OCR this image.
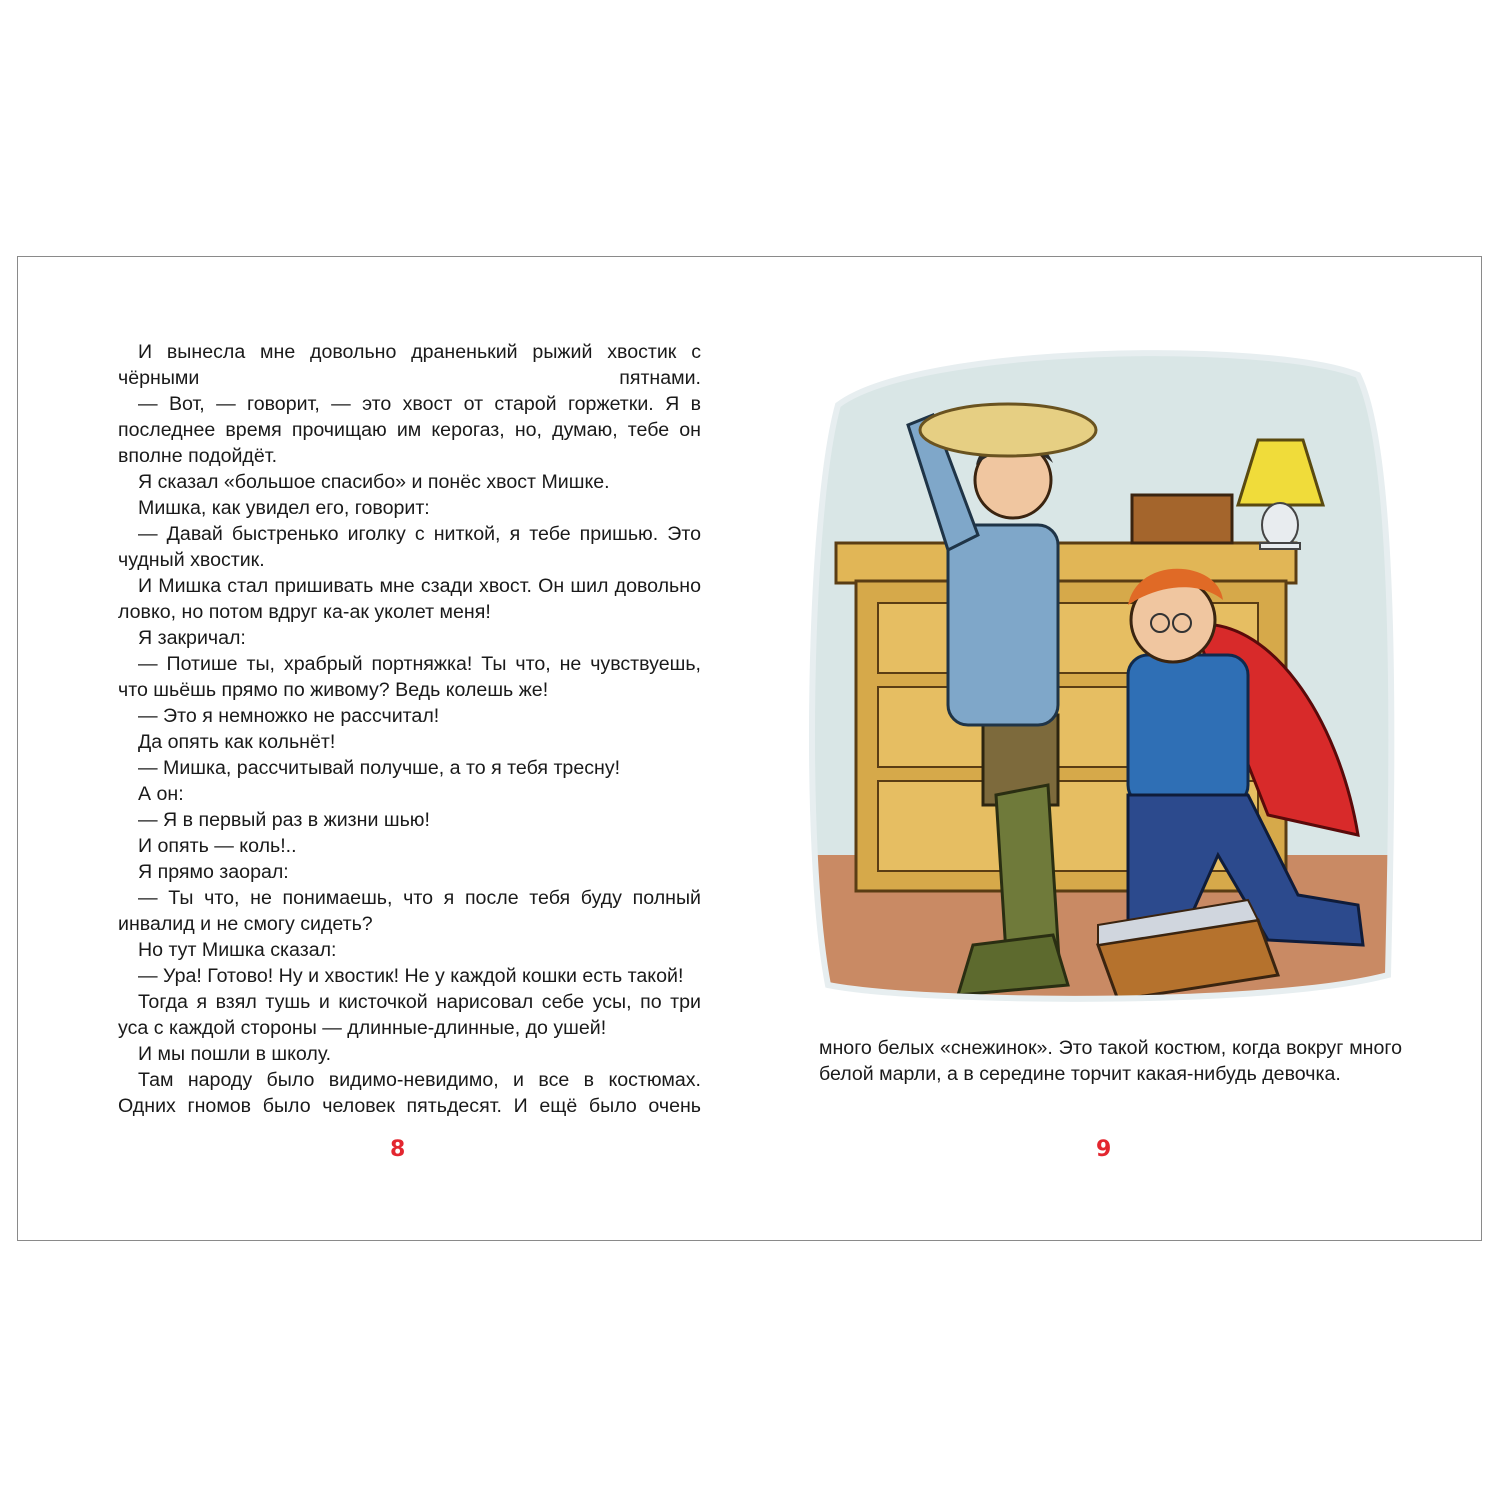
И вынесла мне довольно драненький рыжий хвостик с чёрными пятнами.

— Вот, — говорит, — это хвост от старой горжетки. Я в последнее время прочищаю им керогаз, но, думаю, тебе он вполне подойдёт.

Я сказал «большое спасибо» и понёс хвост Мишке.

Мишка, как увидел его, говорит:

— Давай быстренько иголку с ниткой, я тебе пришью. Это чудный хвостик.

И Мишка стал пришивать мне сзади хвост. Он шил довольно ловко, но потом вдруг ка-ак уколет меня!

Я закричал:

— Потише ты, храбрый портняжка! Ты что, не чувствуешь, что шьёшь прямо по живому? Ведь колешь же!

— Это я немножко не рассчитал!

Да опять как кольнёт!

— Мишка, рассчитывай получше, а то я тебя тресну!

А он:

— Я в первый раз в жизни шью!

И опять — коль!..

Я прямо заорал:

— Ты что, не понимаешь, что я после тебя буду полный инвалид и не смогу сидеть?

Но тут Мишка сказал:

— Ура! Готово! Ну и хвостик! Не у каждой кошки есть такой!

Тогда я взял тушь и кисточкой нарисовал себе усы, по три уса с каждой стороны — длинные-длинные, до ушей!

И мы пошли в школу.

Там народу было видимо-невидимо, и все в костюмах. Одних гномов было человек пятьдесят. И ещё было очень

8

много белых «снежинок». Это такой костюм, когда вокруг много белой марли, а в середине торчит какая-нибудь девочка.

9
